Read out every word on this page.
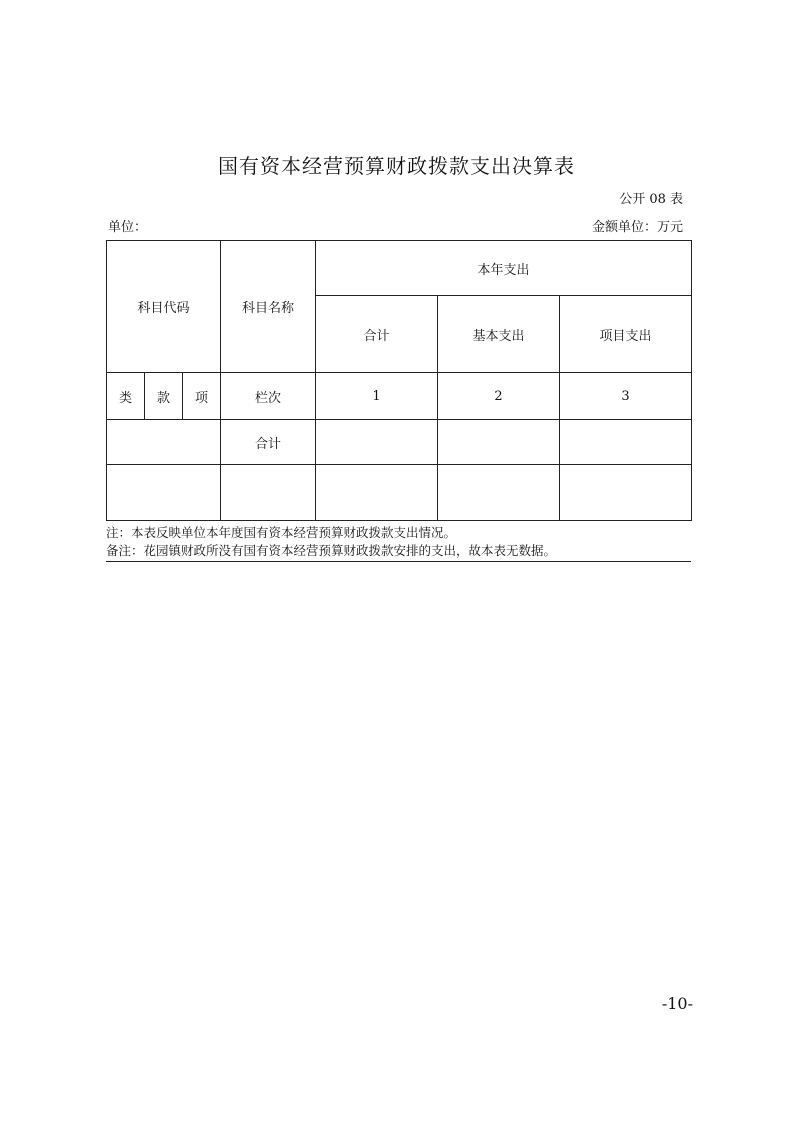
国有资本经营预算财政拨款支出决算表
公开 08 表
单位：	金额单位：万元
科目代码			科目名称	本年支出		
				合计	基本支出	项目支出
类	款	项	栏次	1	2	3
			合计			

注：本表反映单位本年度国有资本经营预算财政拨款支出情况。
备注：花园镇财政所没有国有资本经营预算财政拨款安排的支出，故本表无数据。
-10-
